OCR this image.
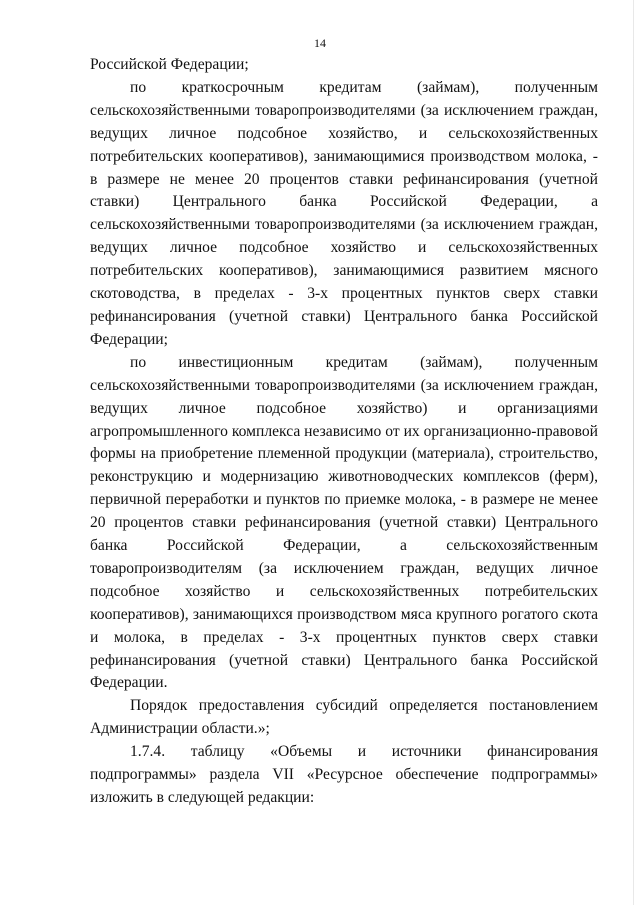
14

Российской Федерации;

по краткосрочным кредитам (займам), полученным сельскохозяйственными товаропроизводителями (за исключением граждан, ведущих личное подсобное хозяйство, и сельскохозяйственных потребительских кооперативов), занимающимися производством молока, - в размере не менее 20 процентов ставки рефинансирования (учетной ставки) Центрального банка Российской Федерации, а сельскохозяйственными товаропроизводителями (за исключением граждан, ведущих личное подсобное хозяйство и сельскохозяйственных потребительских кооперативов), занимающимися развитием мясного скотоводства, в пределах - 3-х процентных пунктов сверх ставки рефинансирования (учетной ставки) Центрального банка Российской Федерации;

по инвестиционным кредитам (займам), полученным сельскохозяйственными товаропроизводителями (за исключением граждан, ведущих личное подсобное хозяйство) и организациями агропромышленного комплекса независимо от их организационно-правовой формы на приобретение племенной продукции (материала), строительство, реконструкцию и модернизацию животноводческих комплексов (ферм), первичной переработки и пунктов по приемке молока, - в размере не менее 20 процентов ставки рефинансирования (учетной ставки) Центрального банка Российской Федерации, а сельскохозяйственным товаропроизводителям (за исключением граждан, ведущих личное подсобное хозяйство и сельскохозяйственных потребительских кооперативов), занимающихся производством мяса крупного рогатого скота и молока, в пределах - 3-х процентных пунктов сверх ставки рефинансирования (учетной ставки) Центрального банка Российской Федерации.

Порядок предоставления субсидий определяется постановлением Администрации области.»;

1.7.4. таблицу «Объемы и источники финансирования подпрограммы» раздела VII «Ресурсное обеспечение подпрограммы» изложить в следующей редакции:
